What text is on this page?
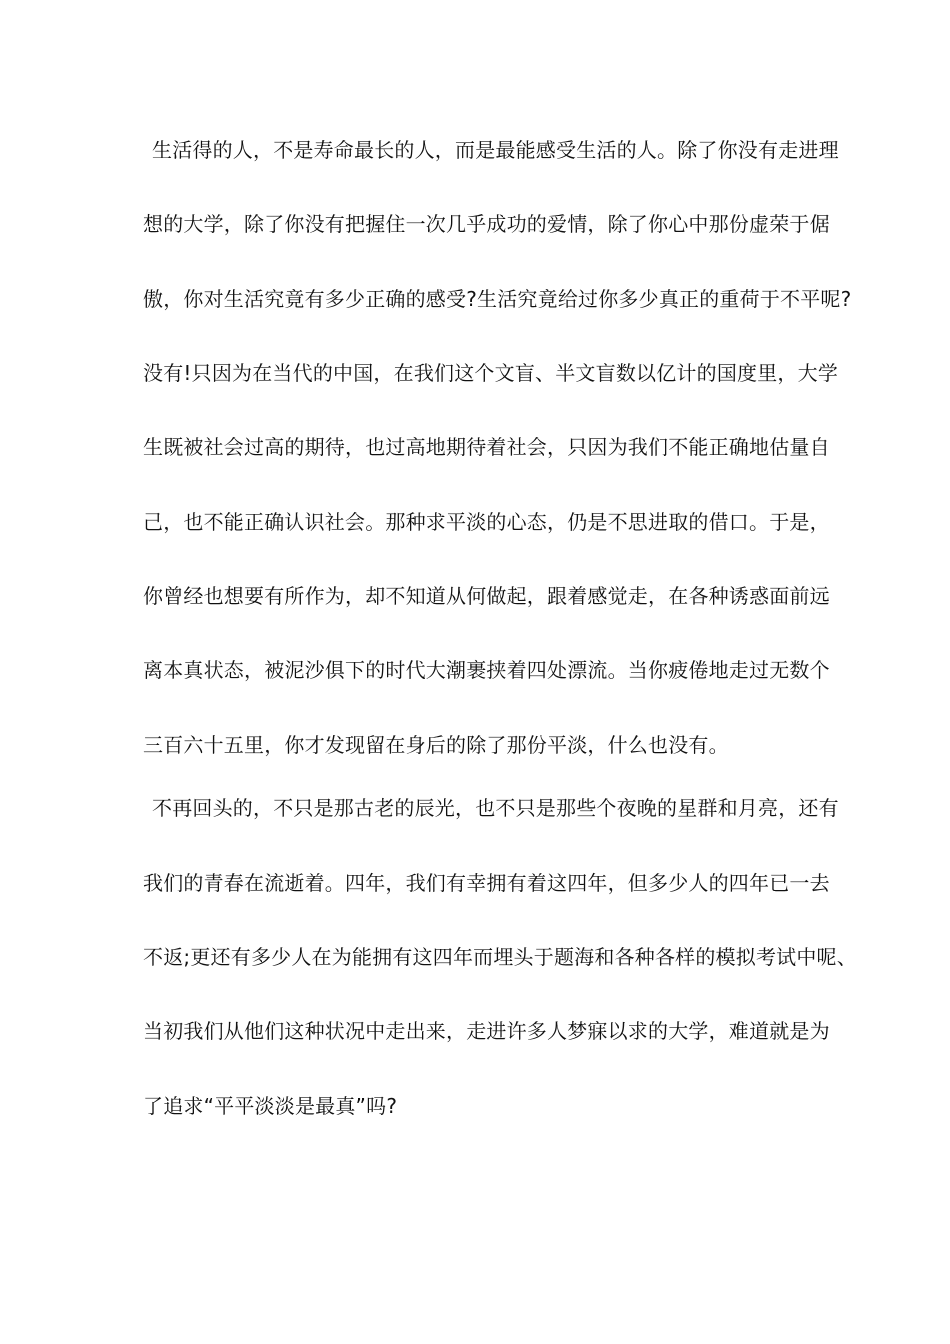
生活得的人，不是寿命最长的人，而是最能感受生活的人。除了你没有走进理
想的大学，除了你没有把握住一次几乎成功的爱情，除了你心中那份虚荣于倨
傲，你对生活究竟有多少正确的感受?生活究竟给过你多少真正的重荷于不平呢?
没有!只因为在当代的中国，在我们这个文盲、半文盲数以亿计的国度里，大学
生既被社会过高的期待，也过高地期待着社会，只因为我们不能正确地估量自
己，也不能正确认识社会。那种求平淡的心态，仍是不思进取的借口。于是，
你曾经也想要有所作为，却不知道从何做起，跟着感觉走，在各种诱惑面前远
离本真状态，被泥沙俱下的时代大潮裹挟着四处漂流。当你疲倦地走过无数个
三百六十五里，你才发现留在身后的除了那份平淡，什么也没有。
不再回头的，不只是那古老的辰光，也不只是那些个夜晚的星群和月亮，还有
我们的青春在流逝着。四年，我们有幸拥有着这四年，但多少人的四年已一去
不返;更还有多少人在为能拥有这四年而埋头于题海和各种各样的模拟考试中呢、
当初我们从他们这种状况中走出来，走进许多人梦寐以求的大学，难道就是为
了追求“平平淡淡是最真”吗?
